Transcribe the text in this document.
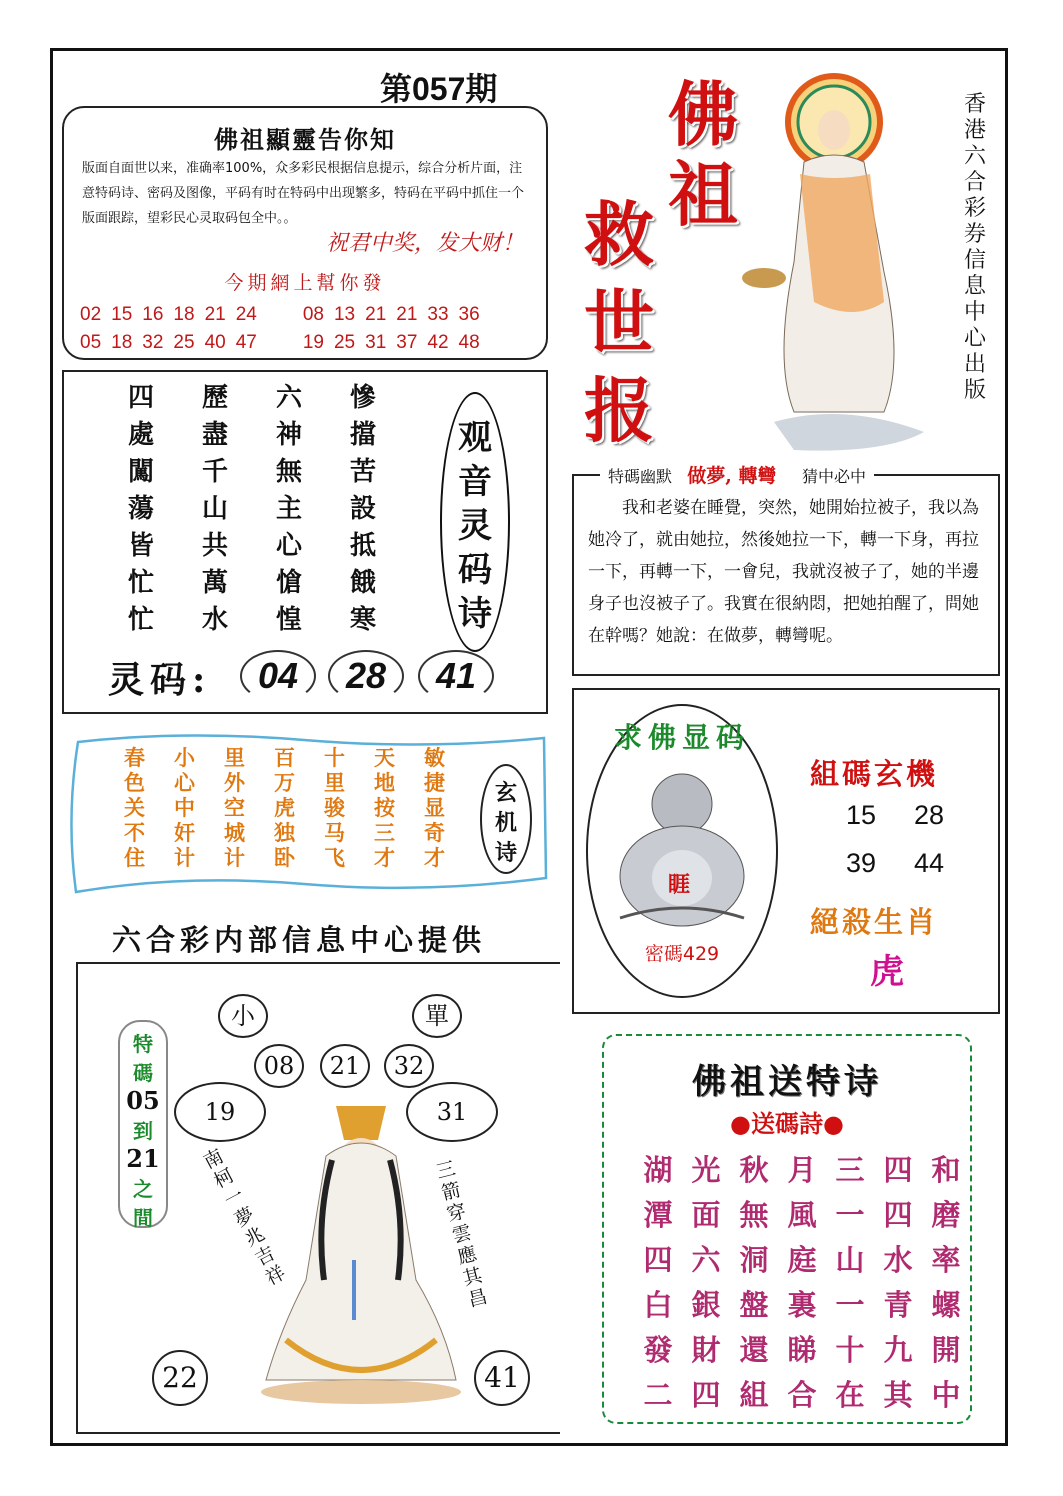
第057期
佛祖顯靈告你知
版面自面世以来，准确率100%，众多彩民根据信息提示，综合分析片面，注意特码诗、密码及图像，平码有时在特码中出现繁多，特码在平码中抓住一个版面跟踪，望彩民心灵取码包全中。。
祝君中奖，发大财！
今期網上幫你發
02 15 16 18 21 24 08 13 21 21 33 36
05 18 32 25 40 47 19 25 31 37 42 48
佛
祖
救
世
报
香港六合彩券信息中心出版
四	歷	六	慘
處	盡	神	擋
闖	千	無	苦
蕩	山	主	設
皆	共	心	抵
忙	萬	愴	餓
忙	水	惶	寒
观
音
灵
码
诗
灵码:	04	28	41
春	小	里	百	十	天	敏
色	心	外	万	里	地	捷
关	中	空	虎	骏	按	显
不	奸	城	独	马	三	奇
住	计	计	卧	飞	才	才
玄
机
诗
六合彩内部信息中心提供
特
碼
05
到
21
之
間
小	單
08	21	32
19	31
南柯一夢兆吉祥
三箭穿雲應其昌
22	41
特碼幽默 做夢, 轉彎 猜中必中
我和老婆在睡覺，突然，她開始拉被子，我以為她冷了，就由她拉，然後她拉一下，轉一下身，再拉一下，再轉一下，一會兒，我就沒被子了，她的半邊身子也沒被子了。我實在很納悶，把她拍醒了，問她在幹嗎？她說：在做夢，轉彎呢。
求佛显码
睚
密碼429
組碼玄機
15 28
39 44
絕殺生肖
虎
佛祖送特诗
●送碼詩●
湖 光 秋 月 三 四 和
潭 面 無 風 一 四 磨
四 六 洞 庭 山 水 率
白 銀 盤 裏 一 青 螺
發 財 還 睇 十 九 開
二 四 組 合 在 其 中
